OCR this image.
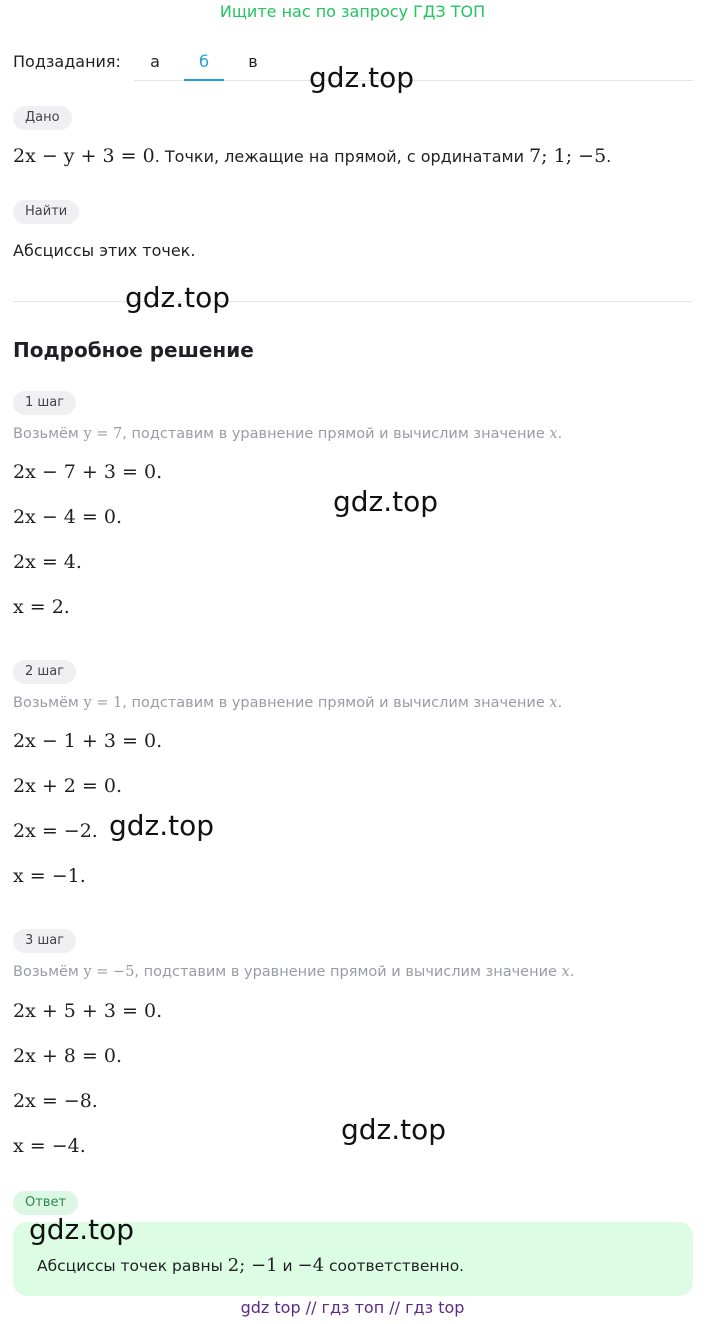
Ищите нас по запросу ГДЗ ТОП
Подзадания:	а	б	в
Дано
2x − y + 3 = 0. Точки, лежащие на прямой, с ординатами 7; 1; −5.
Найти
Абсциссы этих точек.
Подробное решение
1 шаг
Возьмём y = 7, подставим в уравнение прямой и вычислим значение x.
2x − 7 + 3 = 0.
2x − 4 = 0.
2x = 4.
x = 2.
2 шаг
Возьмём y = 1, подставим в уравнение прямой и вычислим значение x.
2x − 1 + 3 = 0.
2x + 2 = 0.
2x = −2.
x = −1.
3 шаг
Возьмём y = −5, подставим в уравнение прямой и вычислим значение x.
2x + 5 + 3 = 0.
2x + 8 = 0.
2x = −8.
x = −4.
Ответ
Абсциссы точек равны 2; −1 и −4 соответственно.
gdz.top
gdz.top
gdz.top
gdz.top
gdz.top
gdz.top
gdz top // гдз топ // гдз top
